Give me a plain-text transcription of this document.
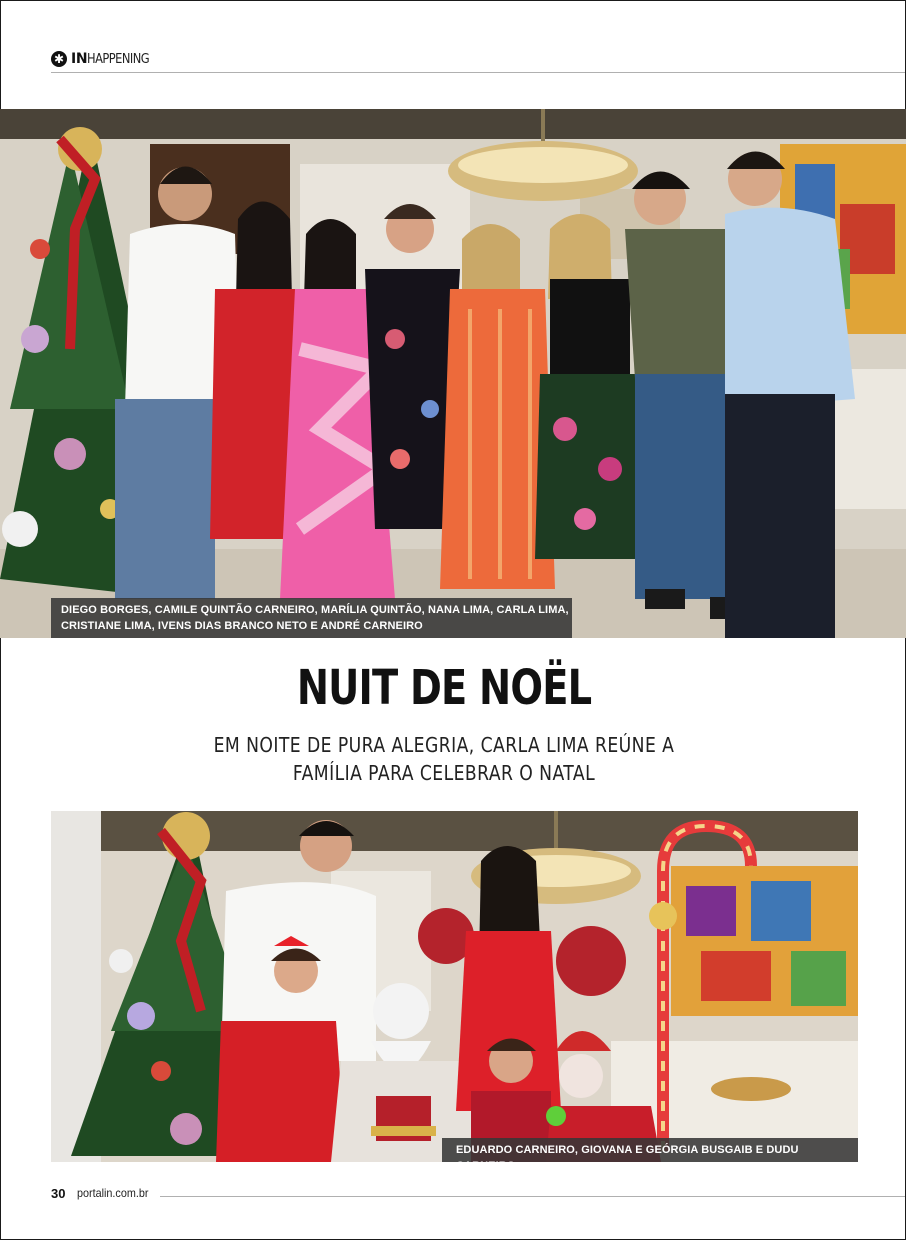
✱ IN HAPPENING
DIEGO BORGES, CAMILE QUINTÃO CARNEIRO, MARÍLIA QUINTÃO, NANA LIMA, CARLA LIMA,
CRISTIANE LIMA, IVENS DIAS BRANCO NETO E ANDRÉ CARNEIRO
NUIT DE NOËL
EM NOITE DE PURA ALEGRIA, CARLA LIMA REÚNE A
FAMÍLIA PARA CELEBRAR O NATAL
EDUARDO CARNEIRO, GIOVANA E GEÓRGIA BUSGAIB E DUDU CARNEIRO
30 portalin.com.br
